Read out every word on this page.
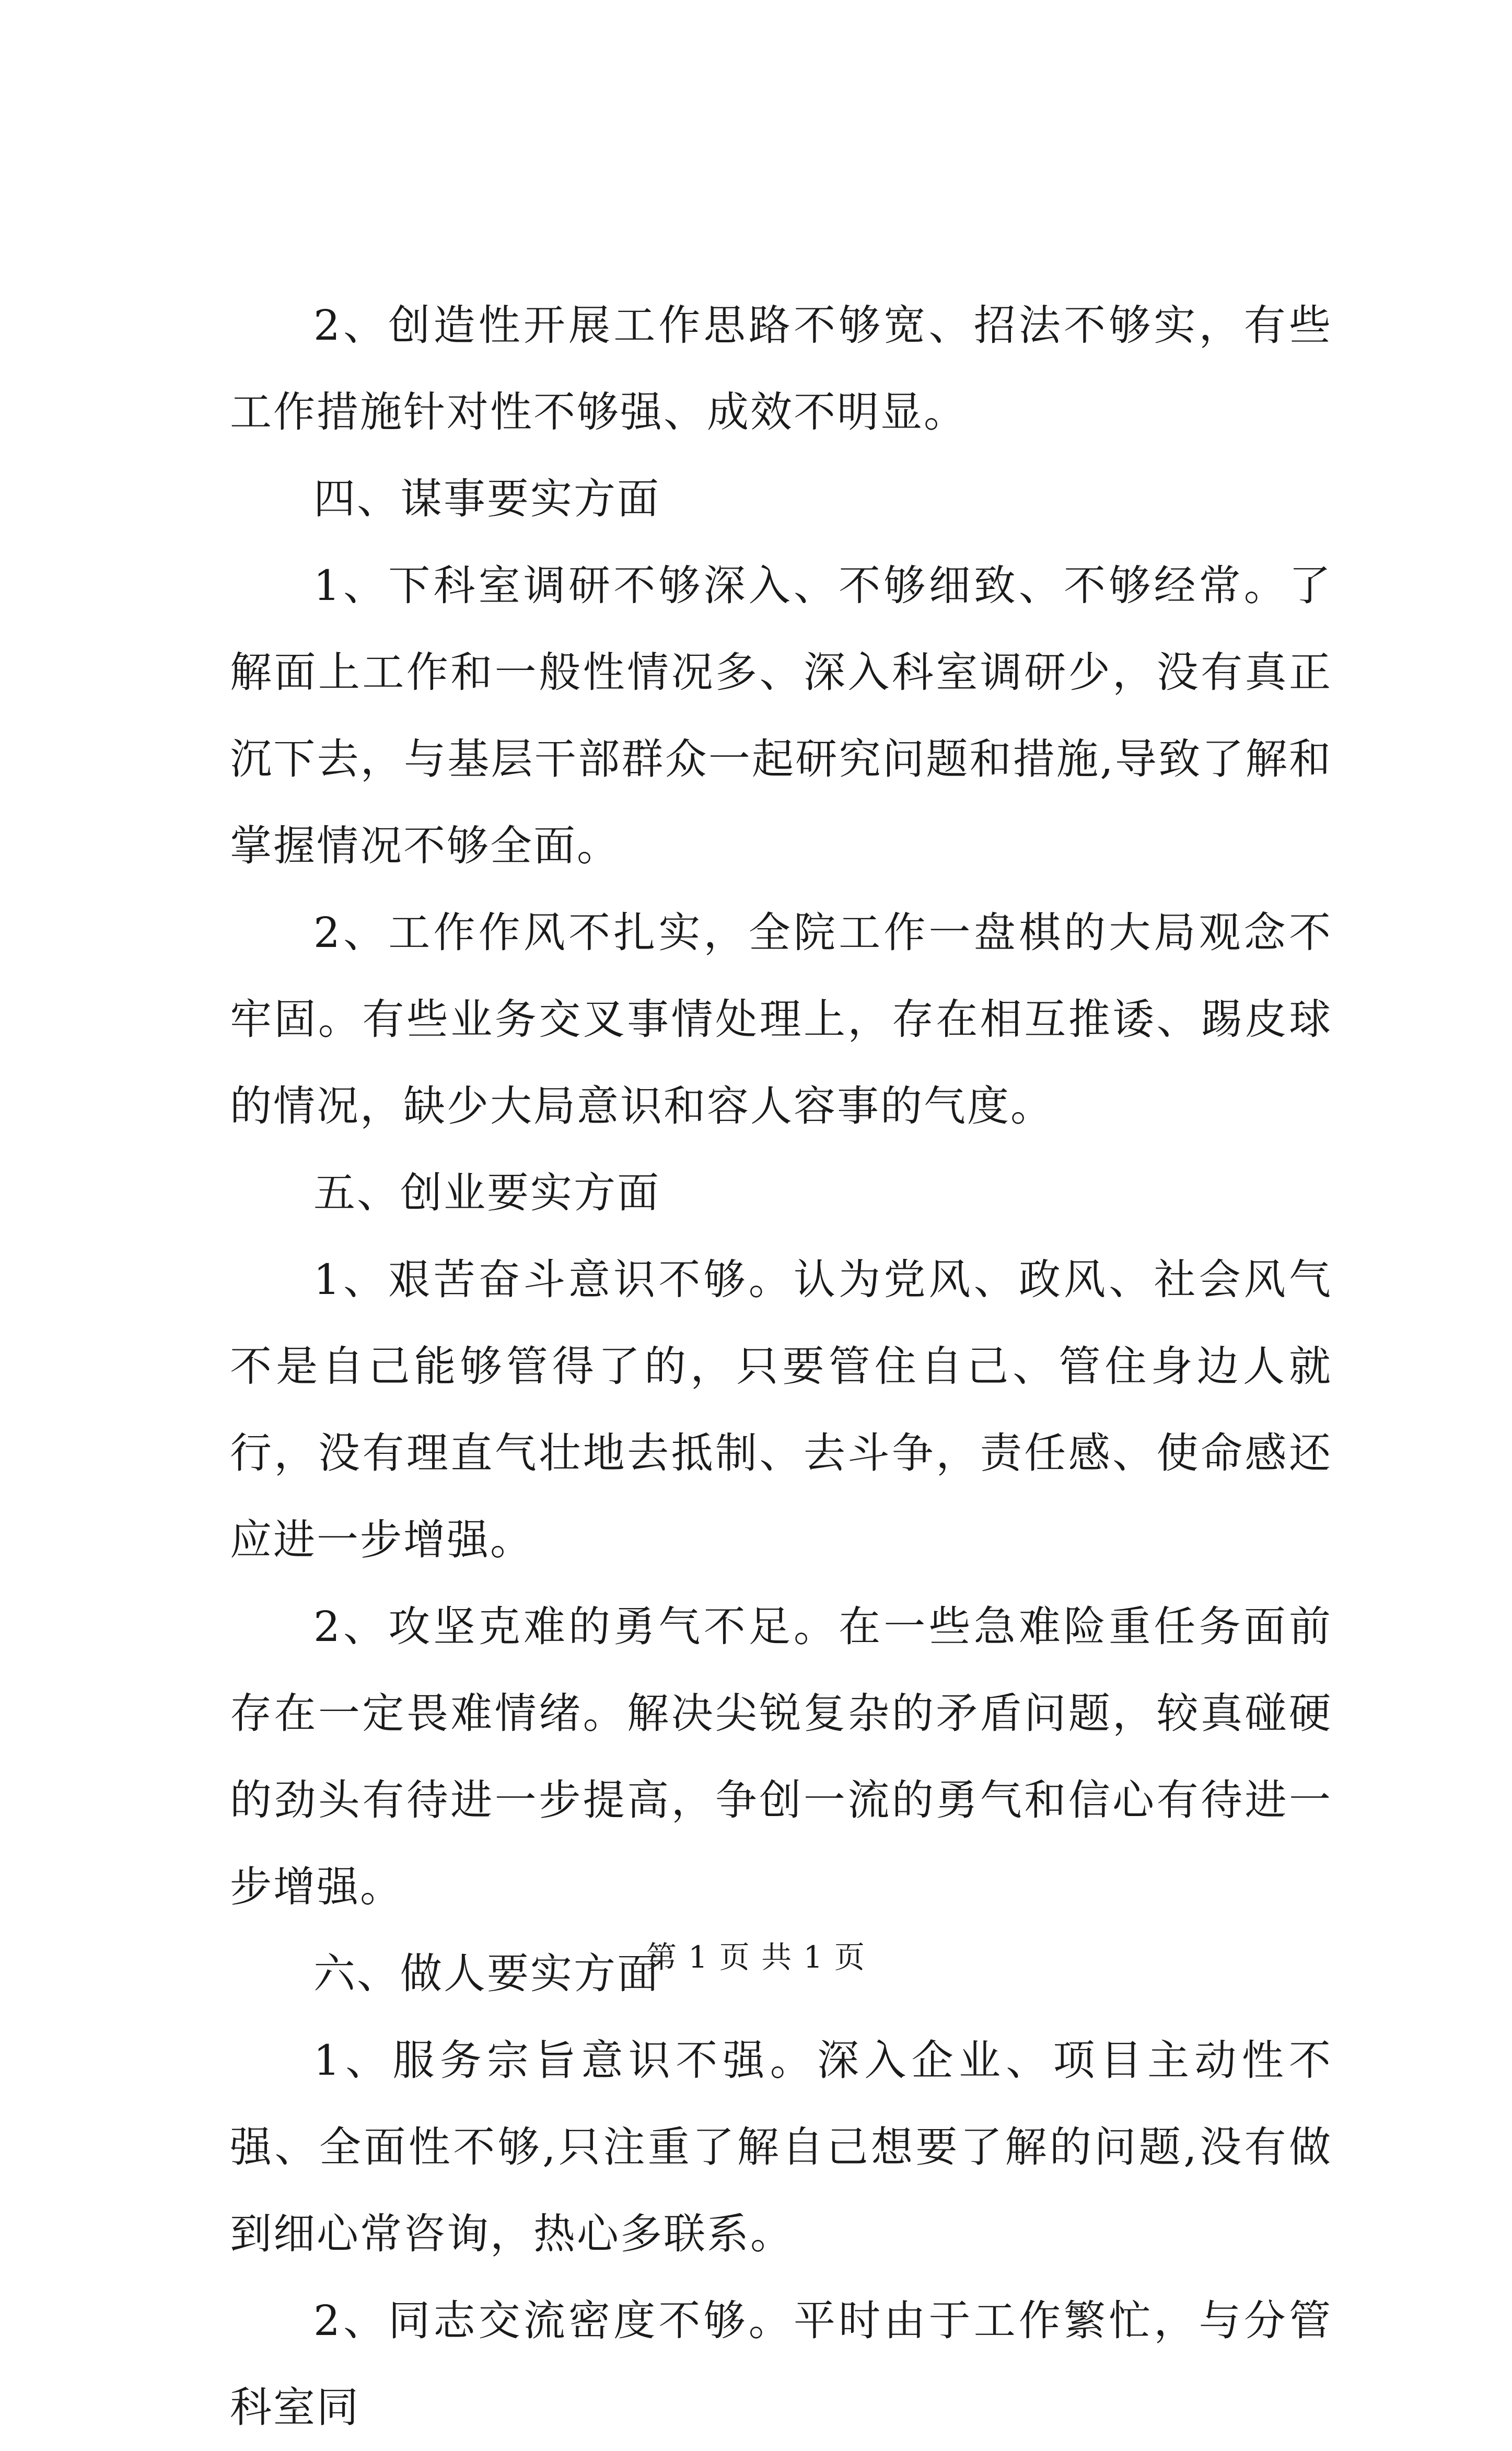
2、创造性开展工作思路不够宽、招法不够实，有些工作措施针对性不够强、成效不明显。

四、谋事要实方面

1、下科室调研不够深入、不够细致、不够经常。了解面上工作和一般性情况多、深入科室调研少，没有真正沉下去，与基层干部群众一起研究问题和措施,导致了解和掌握情况不够全面。

2、工作作风不扎实，全院工作一盘棋的大局观念不牢固。有些业务交叉事情处理上，存在相互推诿、踢皮球的情况，缺少大局意识和容人容事的气度。

五、创业要实方面

1、艰苦奋斗意识不够。认为党风、政风、社会风气不是自己能够管得了的，只要管住自己、管住身边人就行，没有理直气壮地去抵制、去斗争，责任感、使命感还应进一步增强。

2、攻坚克难的勇气不足。在一些急难险重任务面前存在一定畏难情绪。解决尖锐复杂的矛盾问题，较真碰硬的劲头有待进一步提高，争创一流的勇气和信心有待进一步增强。

六、做人要实方面

1、服务宗旨意识不强。深入企业、项目主动性不强、全面性不够,只注重了解自己想要了解的问题,没有做到细心常咨询，热心多联系。

2、同志交流密度不够。平时由于工作繁忙，与分管科室同

第 1 页 共 1 页
